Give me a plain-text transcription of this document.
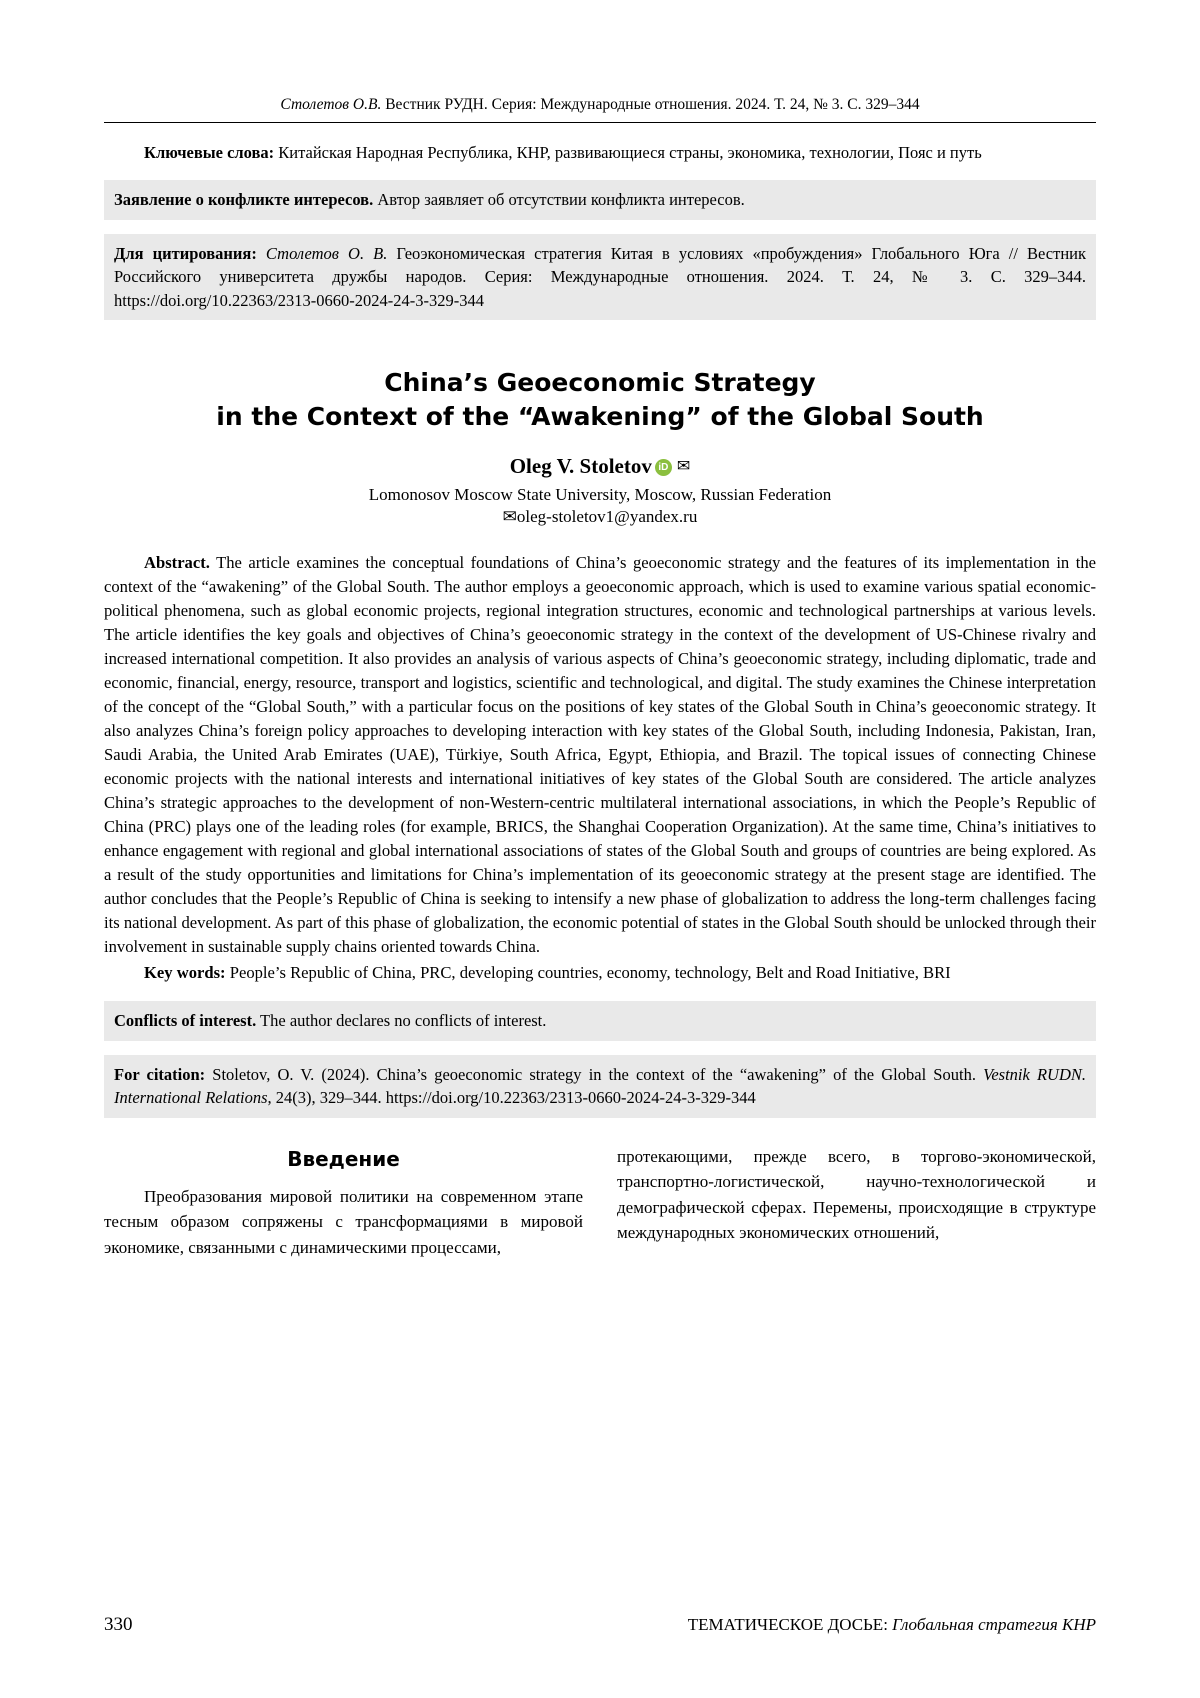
Столетов О.В. Вестник РУДН. Серия: Международные отношения. 2024. Т. 24, № 3. С. 329–344
Ключевые слова: Китайская Народная Республика, КНР, развивающиеся страны, экономика, технологии, Пояс и путь
Заявление о конфликте интересов. Автор заявляет об отсутствии конфликта интересов.
Для цитирования: Столетов О. В. Геоэкономическая стратегия Китая в условиях «пробуждения» Глобального Юга // Вестник Российского университета дружбы народов. Серия: Международные отношения. 2024. Т. 24, № 3. С. 329–344. https://doi.org/10.22363/2313-0660-2024-24-3-329-344
China’s Geoeconomic Strategy
in the Context of the “Awakening” of the Global South
Oleg V. Stoletov iD ✉
Lomonosov Moscow State University, Moscow, Russian Federation
✉oleg-stoletov1@yandex.ru
Abstract. The article examines the conceptual foundations of China’s geoeconomic strategy and the features of its implementation in the context of the “awakening” of the Global South. The author employs a geoeconomic approach, which is used to examine various spatial economic-political phenomena, such as global economic projects, regional integration structures, economic and technological partnerships at various levels. The article identifies the key goals and objectives of China’s geoeconomic strategy in the context of the development of US-Chinese rivalry and increased international competition. It also provides an analysis of various aspects of China’s geoeconomic strategy, including diplomatic, trade and economic, financial, energy, resource, transport and logistics, scientific and technological, and digital. The study examines the Chinese interpretation of the concept of the “Global South,” with a particular focus on the positions of key states of the Global South in China’s geoeconomic strategy. It also analyzes China’s foreign policy approaches to developing interaction with key states of the Global South, including Indonesia, Pakistan, Iran, Saudi Arabia, the United Arab Emirates (UAE), Türkiye, South Africa, Egypt, Ethiopia, and Brazil. The topical issues of connecting Chinese economic projects with the national interests and international initiatives of key states of the Global South are considered. The article analyzes China’s strategic approaches to the development of non-Western-centric multilateral international associations, in which the People’s Republic of China (PRC) plays one of the leading roles (for example, BRICS, the Shanghai Cooperation Organization). At the same time, China’s initiatives to enhance engagement with regional and global international associations of states of the Global South and groups of countries are being explored. As a result of the study opportunities and limitations for China’s implementation of its geoeconomic strategy at the present stage are identified. The author concludes that the People’s Republic of China is seeking to intensify a new phase of globalization to address the long-term challenges facing its national development. As part of this phase of globalization, the economic potential of states in the Global South should be unlocked through their involvement in sustainable supply chains oriented towards China.
Key words: People’s Republic of China, PRC, developing countries, economy, technology, Belt and Road Initiative, BRI
Conflicts of interest. The author declares no conflicts of interest.
For citation: Stoletov, O. V. (2024). China’s geoeconomic strategy in the context of the “awakening” of the Global South. Vestnik RUDN. International Relations, 24(3), 329–344. https://doi.org/10.22363/2313-0660-2024-24-3-329-344
Введение

Преобразования мировой политики на современном этапе тесным образом сопряжены с трансформациями в мировой экономике, связанными с динамическими процессами,

протекающими, прежде всего, в торгово-экономической, транспортно-логистической, научно-технологической и демографической сферах. Перемены, происходящие в структуре международных экономических отношений,

330	ТЕМАТИЧЕСКОЕ ДОСЬЕ: Глобальная стратегия КНР
